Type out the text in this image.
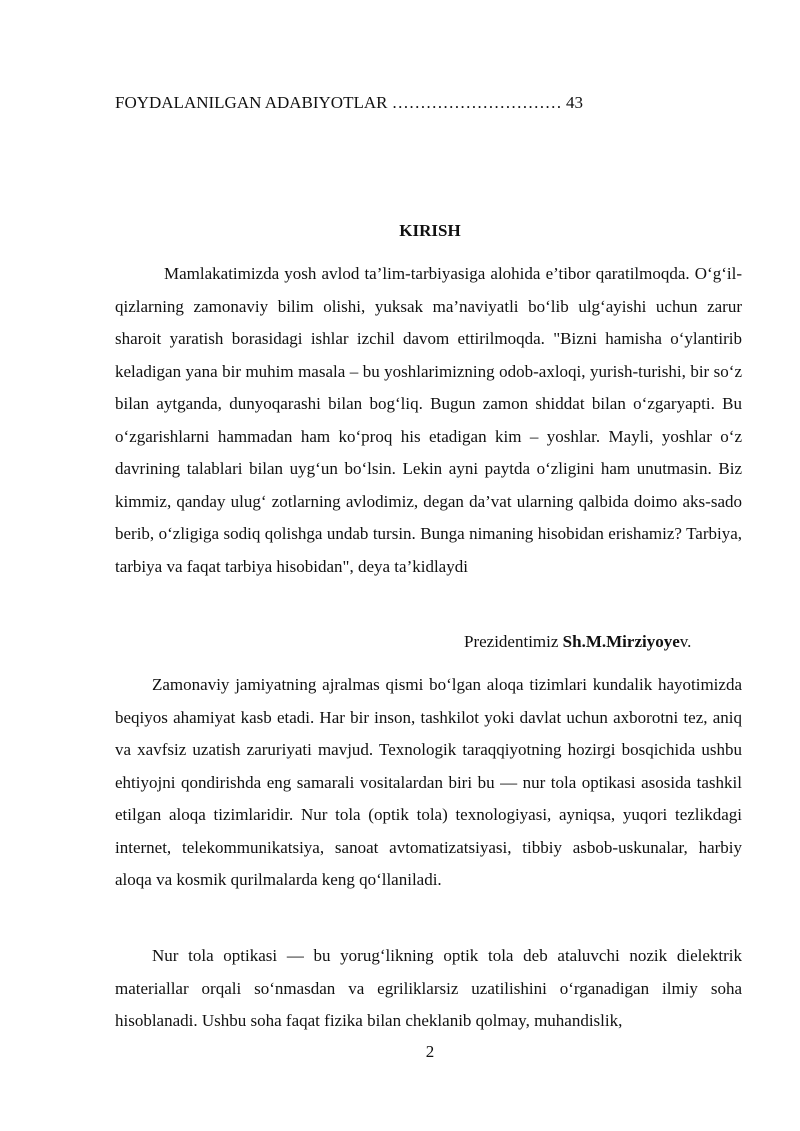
FOYDALANILGAN ADABIYOTLAR ………………………… 43
KIRISH

Mamlakatimizda yosh avlod ta’lim-tarbiyasiga alohida e’tibor qaratilmoqda. O‘g‘il-qizlarning zamonaviy bilim olishi, yuksak ma’naviyatli bo‘lib ulg‘ayishi uchun zarur sharoit yaratish borasidagi ishlar izchil davom ettirilmoqda. "Bizni hamisha o‘ylantirib keladigan yana bir muhim masala – bu yoshlarimizning odob-axloqi, yurish-turishi, bir so‘z bilan aytganda, dunyoqarashi bilan bog‘liq. Bugun zamon shiddat bilan o‘zgaryapti. Bu o‘zgarishlarni hammadan ham ko‘proq his etadigan kim – yoshlar. Mayli, yoshlar o‘z davrining talablari bilan uyg‘un bo‘lsin. Lekin ayni paytda o‘zligini ham unutmasin. Biz kimmiz, qanday ulug‘ zotlarning avlodimiz, degan da’vat ularning qalbida doimo aks-sado berib, o‘zligiga sodiq qolishga undab tursin. Bunga nimaning hisobidan erishamiz? Tarbiya, tarbiya va faqat tarbiya hisobidan", deya ta’kidlaydi

Prezidentimiz Sh.M.Mirziyoyev.

Zamonaviy jamiyatning ajralmas qismi bo‘lgan aloqa tizimlari kundalik hayotimizda beqiyos ahamiyat kasb etadi. Har bir inson, tashkilot yoki davlat uchun axborotni tez, aniq va xavfsiz uzatish zaruriyati mavjud. Texnologik taraqqiyotning hozirgi bosqichida ushbu ehtiyojni qondirishda eng samarali vositalardan biri bu — nur tola optikasi asosida tashkil etilgan aloqa tizimlaridir. Nur tola (optik tola) texnologiyasi, ayniqsa, yuqori tezlikdagi internet, telekommunikatsiya, sanoat avtomatizatsiyasi, tibbiy asbob-uskunalar, harbiy aloqa va kosmik qurilmalarda keng qo‘llaniladi.

Nur tola optikasi — bu yorug‘likning optik tola deb ataluvchi nozik dielektrik materiallar orqali so‘nmasdan va egriliklarsiz uzatilishini o‘rganadigan ilmiy soha hisoblanadi. Ushbu soha faqat fizika bilan cheklanib qolmay, muhandislik,

2
